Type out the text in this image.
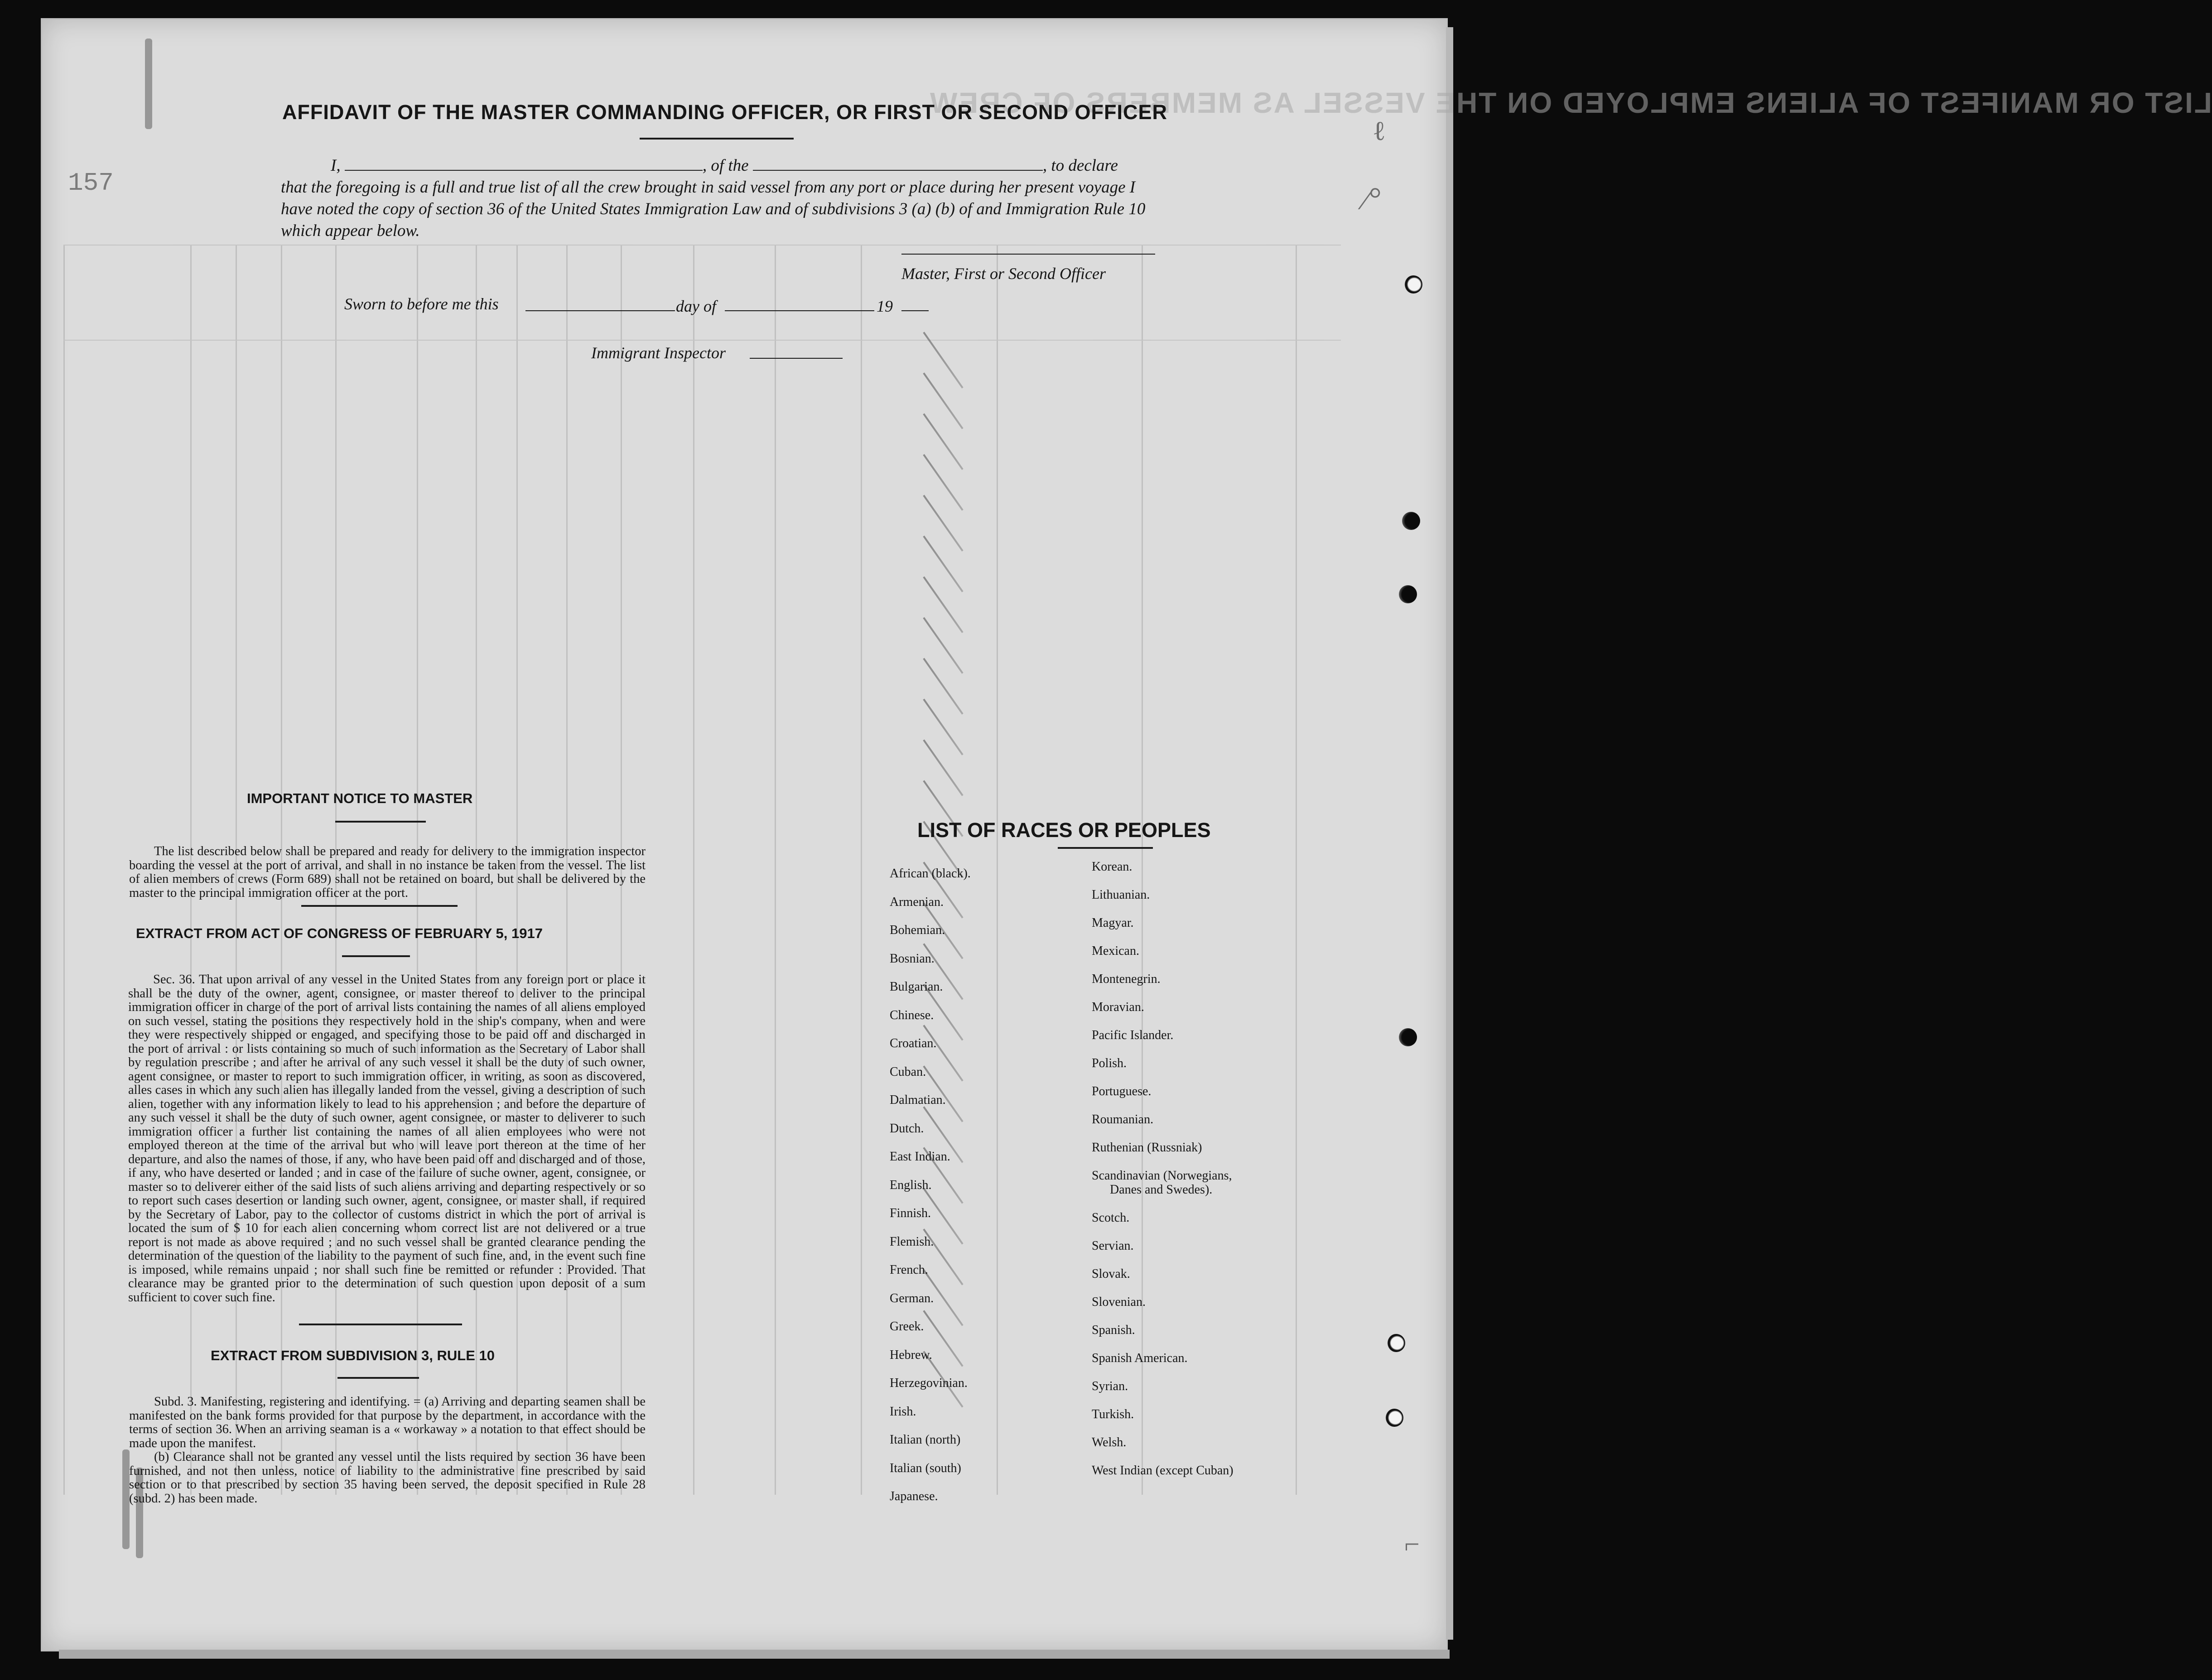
LIST OR MANIFEST OF ALIENS EMPLOYED ON THE VESSEL AS MEMBERS OF CREW
157	⁄°
ℓ
⌐
AFFIDAVIT OF THE MASTER COMMANDING OFFICER, OR FIRST OR SECOND OFFICER
I,	, of the	, to declare
that the foregoing is a full and true list of all the crew brought in said vessel from any port or place during her present voyage I have noted the copy of section 36 of the United States Immigration Law and of subdivisions 3 (a) (b) of and Immigration Rule 10 which appear below.
Master, First or Second Officer
Sworn to before me this	day of	19
Immigrant Inspector
IMPORTANT NOTICE TO MASTER

The list described below shall be prepared and ready for delivery to the immigration inspector boarding the vessel at the port of arrival, and shall in no instance be taken from the vessel. The list of alien members of crews (Form 689) shall not be retained on board, but shall be delivered by the master to the principal immigration officer at the port.

EXTRACT FROM ACT OF CONGRESS OF FEBRUARY 5, 1917

Sec. 36. That upon arrival of any vessel in the United States from any foreign port or place it shall be the duty of the owner, agent, consignee, or master thereof to deliver to the principal immigration officer in charge of the port of arrival lists containing the names of all aliens employed on such vessel, stating the positions they respectively hold in the ship's company, when and were they were respectively shipped or engaged, and specifying those to be paid off and discharged in the port of arrival : or lists containing so much of such information as the Secretary of Labor shall by regulation prescribe ; and after he arrival of any such vessel it shall be the duty of such owner, agent consignee, or master to report to such immigration officer, in writing, as soon as discovered, alles cases in which any such alien has illegally landed from the vessel, giving a description of such alien, together with any information likely to lead to his apprehension ; and before the departure of any such vessel it shall be the duty of such owner, agent consignee, or master to deliverer to such immigration officer a further list containing the names of all alien employees who were not employed thereon at the time of the arrival but who will leave port thereon at the time of her departure, and also the names of those, if any, who have been paid off and discharged and of those, if any, who have deserted or landed ; and in case of the failure of suche owner, agent, consignee, or master so to deliverer either of the said lists of such aliens arriving and departing respectively or so to report such cases desertion or landing such owner, agent, consignee, or master shall, if required by the Secretary of Labor, pay to the collector of customs district in which the port of arrival is located the sum of $ 10 for each alien concerning whom correct list are not delivered or a true report is not made as above required ; and no such vessel shall be granted clearance pending the determination of the question of the liability to the payment of such fine, and, in the event such fine is imposed, while remains unpaid ; nor shall such fine be remitted or refunder : Provided. That clearance may be granted prior to the determination of such question upon deposit of a sum sufficient to cover such fine.

EXTRACT FROM SUBDIVISION 3, RULE 10

Subd. 3. Manifesting, registering and identifying. = (a) Arriving and departing seamen shall be manifested on the bank forms provided for that purpose by the department, in accordance with the terms of section 36. When an arriving seaman is a « workaway » a notation to that effect should be made upon the manifest.

(b) Clearance shall not be granted any vessel until the lists required by section 36 have been furnished, and not then unless, notice of liability to the administrative fine prescribed by said section or to that prescribed by section 35 having been served, the deposit specified in Rule 28 (subd. 2) has been made.

LIST OF RACES OR PEOPLES
African (black).
Armenian.
Bohemian.
Bosnian.
Bulgarian.
Chinese.
Croatian.
Cuban.
Dalmatian.
Dutch.
East Indian.
English.
Finnish.
Flemish.
French.
German.
Greek.
Hebrew.
Herzegovinian.
Irish.
Italian (north)
Italian (south)
Japanese.
Korean.
Lithuanian.
Magyar.
Mexican.
Montenegrin.
Moravian.
Pacific Islander.
Polish.
Portuguese.
Roumanian.
Ruthenian (Russniak)
Scandinavian (Norwegians,
Danes and Swedes).
Scotch.
Servian.
Slovak.
Slovenian.
Spanish.
Spanish American.
Syrian.
Turkish.
Welsh.
West Indian (except Cuban)
